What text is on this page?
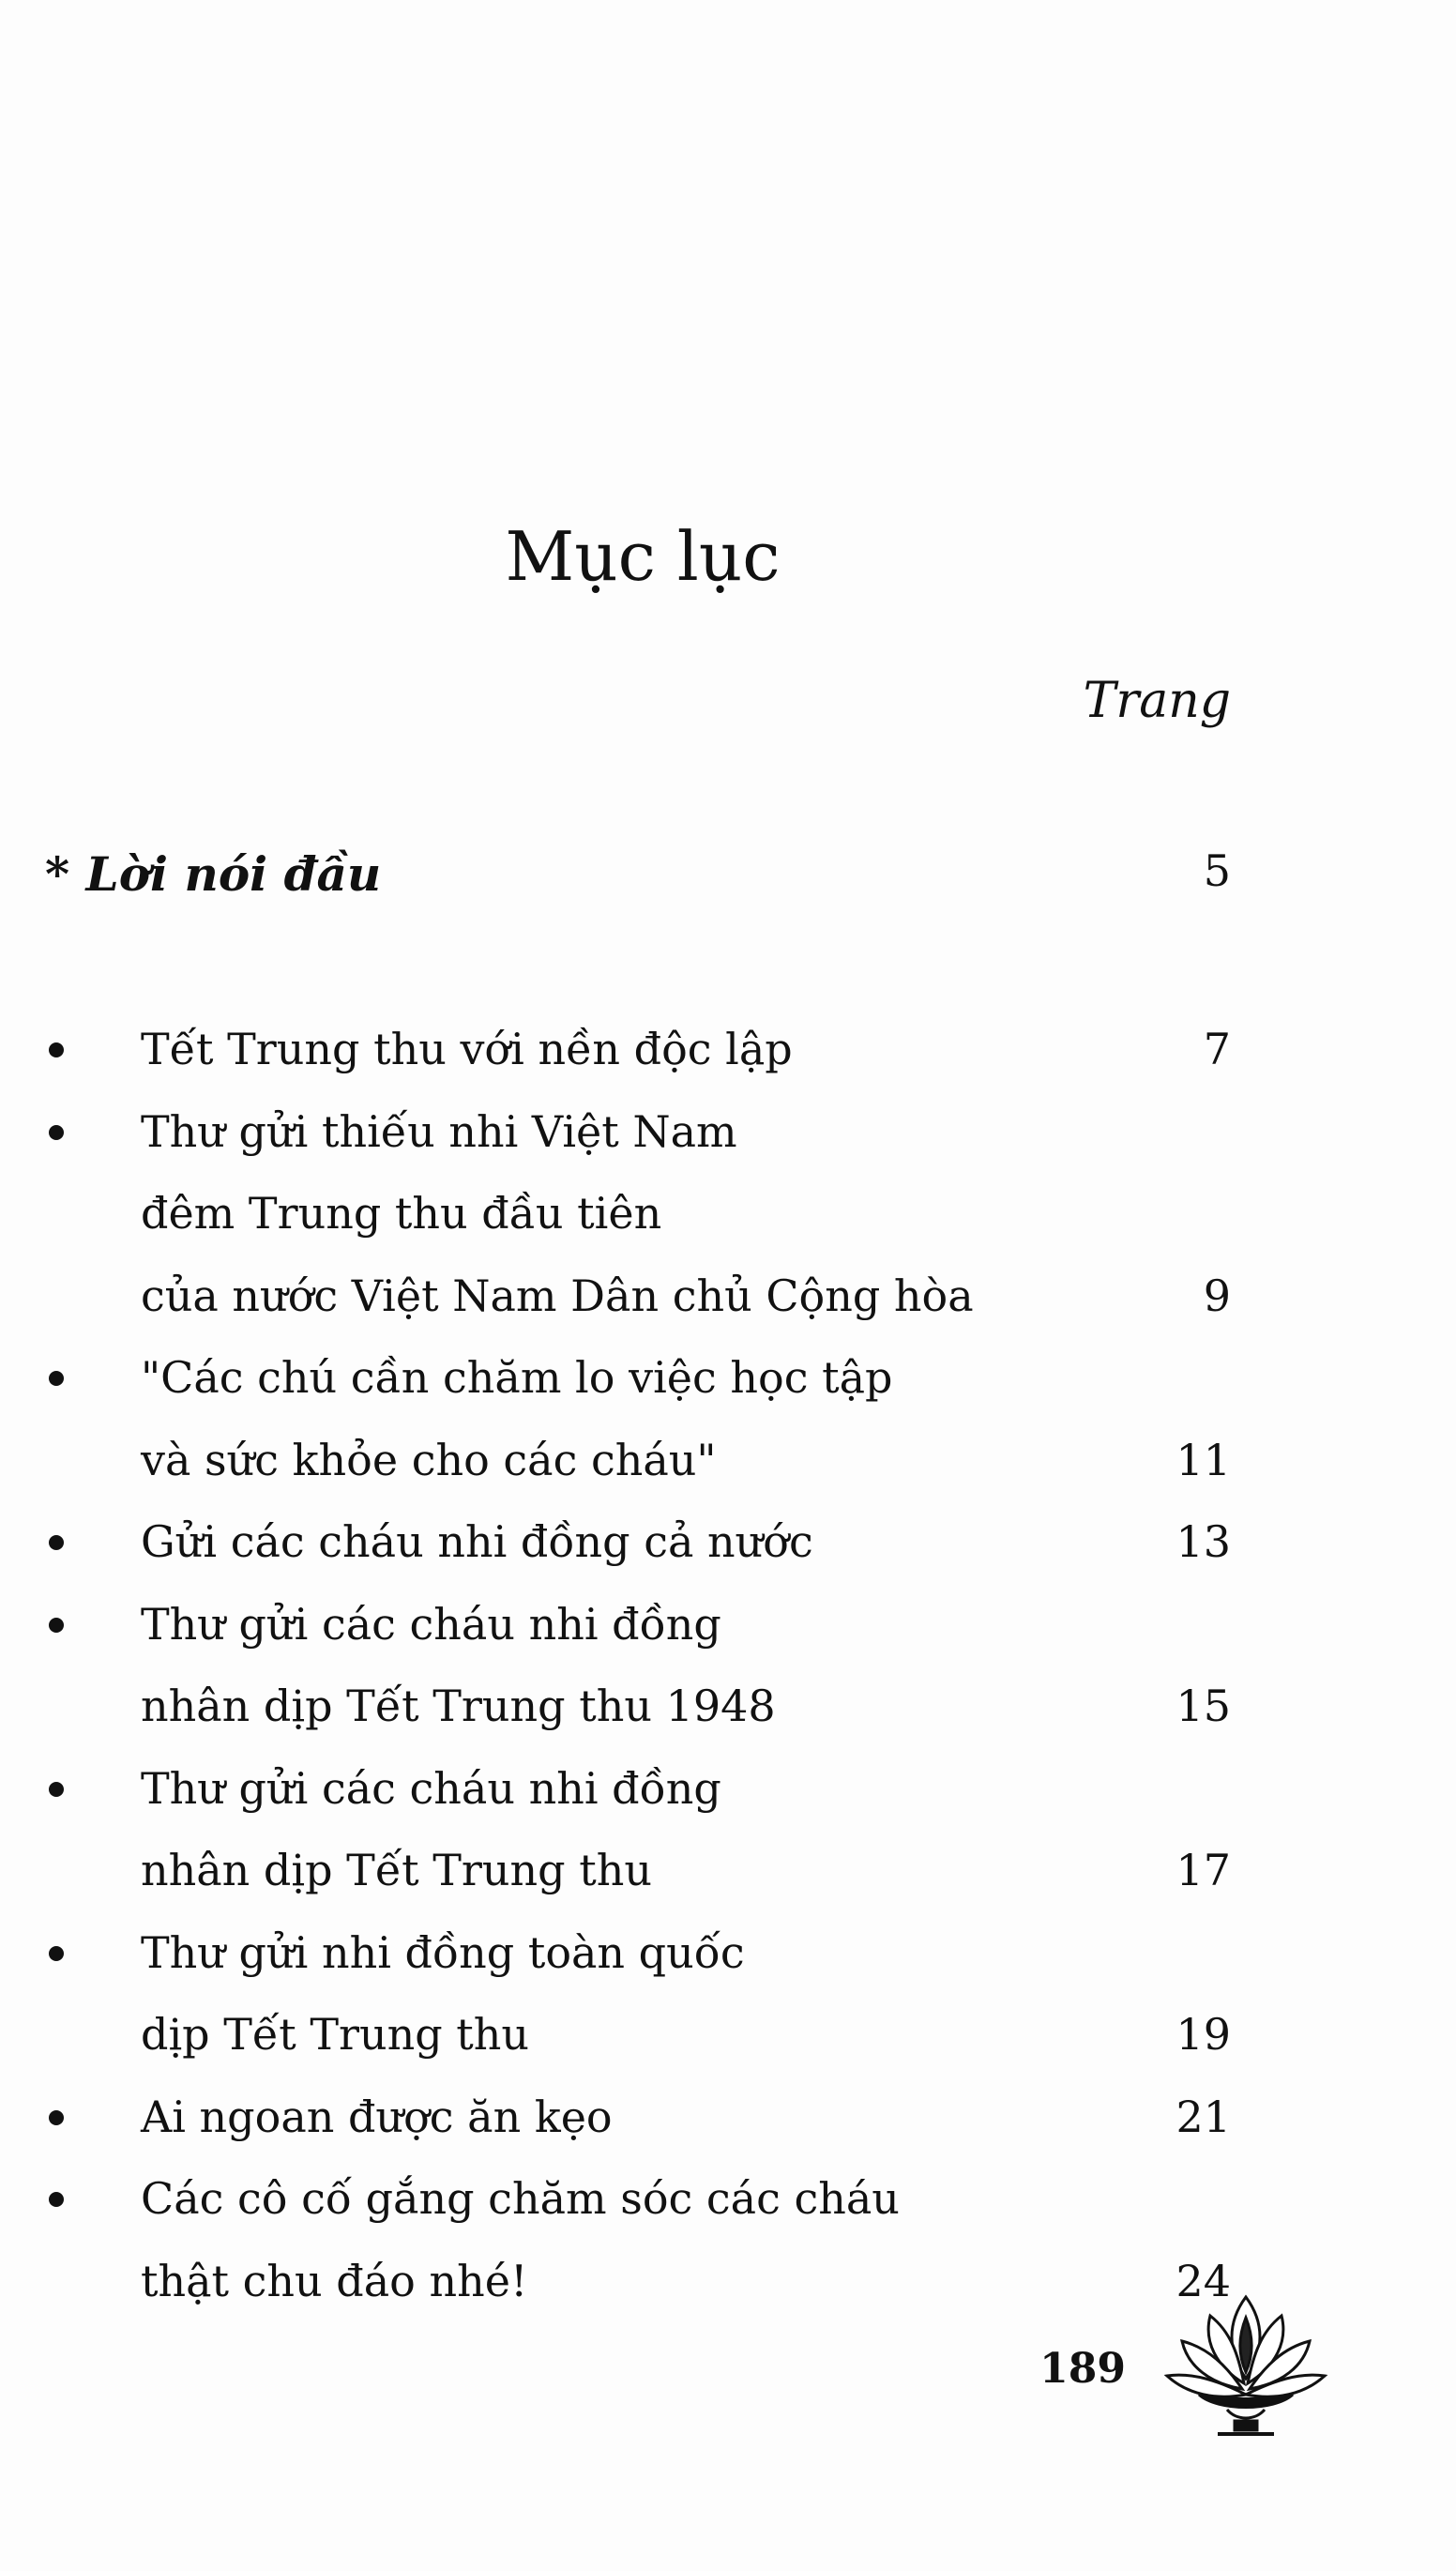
Mục lục
Trang
* Lời nói đầu	5
Tết Trung thu với nền độc lập	7
Thư gửi thiếu nhi Việt Nam
đêm Trung thu đầu tiên
của nước Việt Nam Dân chủ Cộng hòa	9
"Các chú cần chăm lo việc học tập
và sức khỏe cho các cháu"	11
Gửi các cháu nhi đồng cả nước	13
Thư gửi các cháu nhi đồng
nhân dịp Tết Trung thu 1948	15
Thư gửi các cháu nhi đồng
nhân dịp Tết Trung thu	17
Thư gửi nhi đồng toàn quốc
dịp Tết Trung thu	19
Ai ngoan được ăn kẹo	21
Các cô cố gắng chăm sóc các cháu
thật chu đáo nhé!	24
189
